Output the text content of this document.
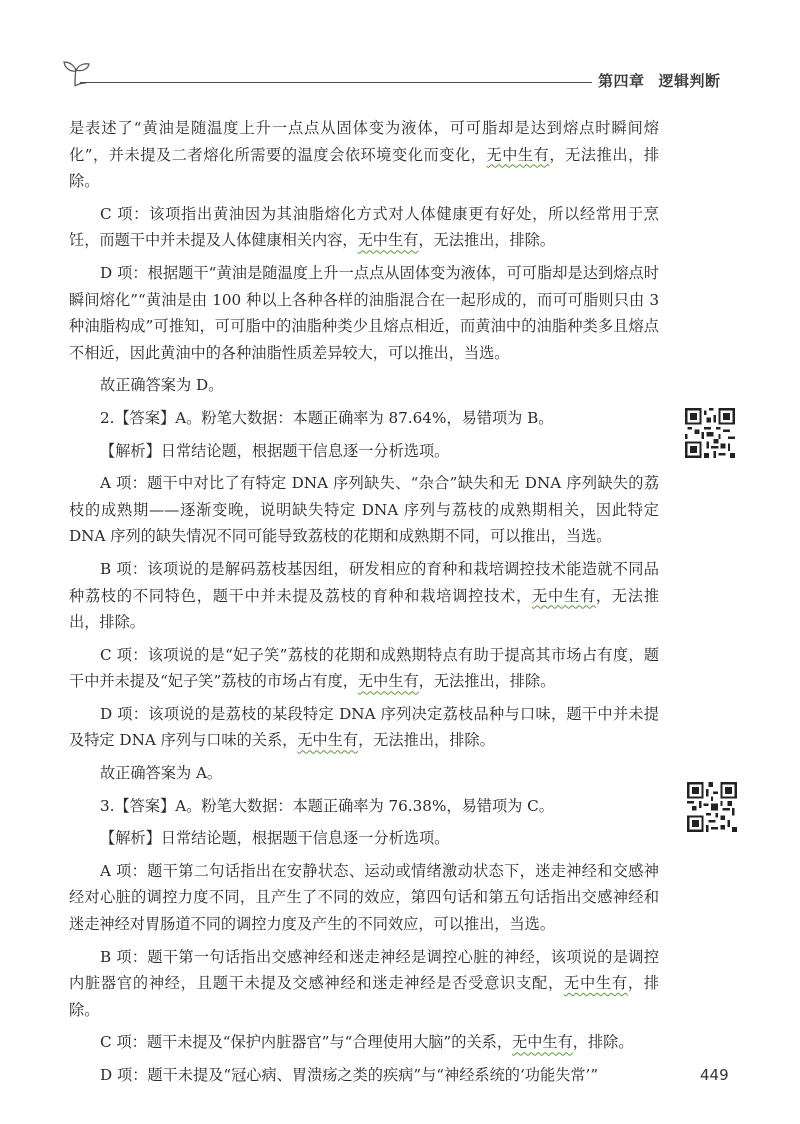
第四章 逻辑判断

是表述了“黄油是随温度上升一点点从固体变为液体，可可脂却是达到熔点时瞬间熔化”，并未提及二者熔化所需要的温度会依环境变化而变化，无中生有，无法推出，排除。

C 项：该项指出黄油因为其油脂熔化方式对人体健康更有好处，所以经常用于烹饪，而题干中并未提及人体健康相关内容，无中生有，无法推出，排除。

D 项：根据题干“黄油是随温度上升一点点从固体变为液体，可可脂却是达到熔点时瞬间熔化”“黄油是由 100 种以上各种各样的油脂混合在一起形成的，而可可脂则只由 3 种油脂构成”可推知，可可脂中的油脂种类少且熔点相近，而黄油中的油脂种类多且熔点不相近，因此黄油中的各种油脂性质差异较大，可以推出，当选。

故正确答案为 D。

2.【答案】A。粉笔大数据：本题正确率为 87.64%，易错项为 B。

【解析】日常结论题，根据题干信息逐一分析选项。

A 项：题干中对比了有特定 DNA 序列缺失、“杂合”缺失和无 DNA 序列缺失的荔枝的成熟期——逐渐变晚，说明缺失特定 DNA 序列与荔枝的成熟期相关，因此特定 DNA 序列的缺失情况不同可能导致荔枝的花期和成熟期不同，可以推出，当选。

B 项：该项说的是解码荔枝基因组，研发相应的育种和栽培调控技术能造就不同品种荔枝的不同特色，题干中并未提及荔枝的育种和栽培调控技术，无中生有，无法推出，排除。

C 项：该项说的是“妃子笑”荔枝的花期和成熟期特点有助于提高其市场占有度，题干中并未提及“妃子笑”荔枝的市场占有度，无中生有，无法推出，排除。

D 项：该项说的是荔枝的某段特定 DNA 序列决定荔枝品种与口味，题干中并未提及特定 DNA 序列与口味的关系，无中生有，无法推出，排除。

故正确答案为 A。

3.【答案】A。粉笔大数据：本题正确率为 76.38%，易错项为 C。

【解析】日常结论题，根据题干信息逐一分析选项。

A 项：题干第二句话指出在安静状态、运动或情绪激动状态下，迷走神经和交感神经对心脏的调控力度不同，且产生了不同的效应，第四句话和第五句话指出交感神经和迷走神经对胃肠道不同的调控力度及产生的不同效应，可以推出，当选。

B 项：题干第一句话指出交感神经和迷走神经是调控心脏的神经，该项说的是调控内脏器官的神经，且题干未提及交感神经和迷走神经是否受意识支配，无中生有，排除。

C 项：题干未提及“保护内脏器官”与“合理使用大脑”的关系，无中生有，排除。

D 项：题干未提及“冠心病、胃溃疡之类的疾病”与“神经系统的‘功能失常’”	449
